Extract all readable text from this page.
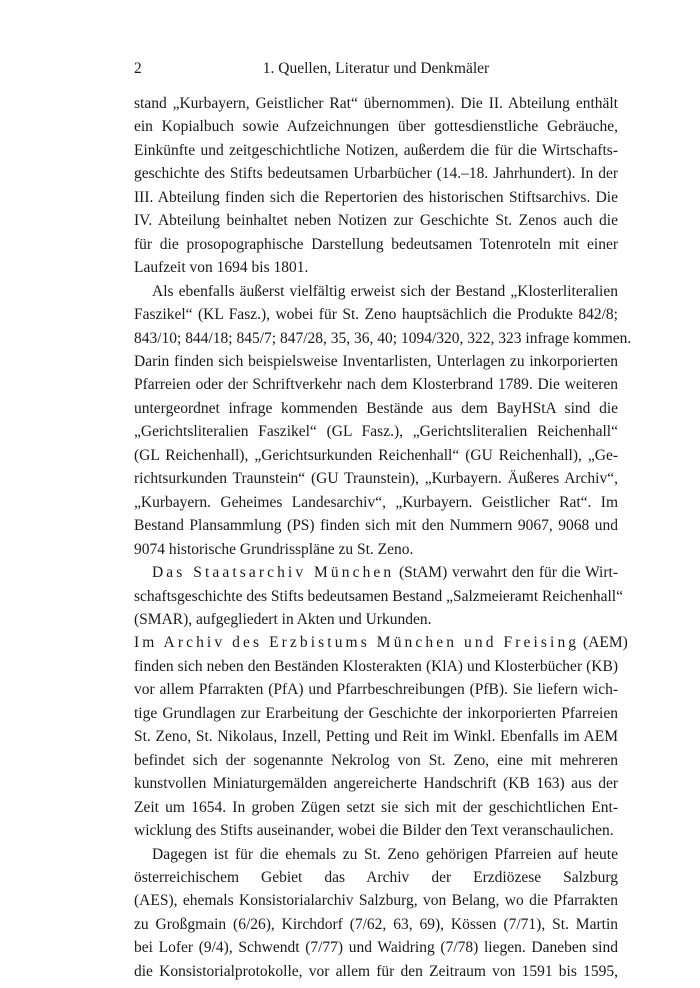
2	1. Quellen, Literatur und Denkmäler

stand „Kurbayern, Geistlicher Rat“ übernommen). Die II. Abteilung enthält
ein Kopialbuch sowie Aufzeichnungen über gottesdienstliche Gebräuche,
Einkünfte und zeitgeschichtliche Notizen, außerdem die für die Wirtschafts-
geschichte des Stifts bedeutsamen Urbarbücher (14.–18. Jahrhundert). In der
III. Abteilung finden sich die Repertorien des historischen Stiftsarchivs. Die
IV. Abteilung beinhaltet neben Notizen zur Geschichte St. Zenos auch die
für die prosopographische Darstellung bedeutsamen Totenroteln mit einer
Laufzeit von 1694 bis 1801.

Als ebenfalls äußerst vielfältig erweist sich der Bestand „Klosterliteralien
Faszikel“ (KL Fasz.), wobei für St. Zeno hauptsächlich die Produkte 842/8;
843/10; 844/18; 845/7; 847/28, 35, 36, 40; 1094/320, 322, 323 infrage kommen.
Darin finden sich beispielsweise Inventarlisten, Unterlagen zu inkorporierten
Pfarreien oder der Schriftverkehr nach dem Klosterbrand 1789. Die weiteren
untergeordnet infrage kommenden Bestände aus dem BayHStA sind die
„Gerichtsliteralien Faszikel“ (GL Fasz.), „Gerichtsliteralien Reichenhall“
(GL Reichenhall), „Gerichtsurkunden Reichenhall“ (GU Reichenhall), „Ge-
richtsurkunden Traunstein“ (GU Traunstein), „Kurbayern. Äußeres Archiv“,
„Kurbayern. Geheimes Landesarchiv“, „Kurbayern. Geistlicher Rat“. Im
Bestand Plansammlung (PS) finden sich mit den Nummern 9067, 9068 und
9074 historische Grundrisspläne zu St. Zeno.

Das Staatsarchiv München (StAM) verwahrt den für die Wirt-
schaftsgeschichte des Stifts bedeutsamen Bestand „Salzmeieramt Reichenhall“
(SMAR), aufgegliedert in Akten und Urkunden.

Im Archiv des Erzbistums München und Freising (AEM)
finden sich neben den Beständen Klosterakten (KlA) und Klosterbücher (KB)
vor allem Pfarrakten (PfA) und Pfarrbeschreibungen (PfB). Sie liefern wich-
tige Grundlagen zur Erarbeitung der Geschichte der inkorporierten Pfarreien
St. Zeno, St. Nikolaus, Inzell, Petting und Reit im Winkl. Ebenfalls im AEM
befindet sich der sogenannte Nekrolog von St. Zeno, eine mit mehreren
kunstvollen Miniaturgemälden angereicherte Handschrift (KB 163) aus der
Zeit um 1654. In groben Zügen setzt sie sich mit der geschichtlichen Ent-
wicklung des Stifts auseinander, wobei die Bilder den Text veranschaulichen.

Dagegen ist für die ehemals zu St. Zeno gehörigen Pfarreien auf heute
österreichischem Gebiet das Archiv der Erzdiözese Salzburg
(AES), ehemals Konsistorialarchiv Salzburg, von Belang, wo die Pfarrakten
zu Großgmain (6/26), Kirchdorf (7/62, 63, 69), Kössen (7/71), St. Martin
bei Lofer (9/4), Schwendt (7/77) und Waidring (7/78) liegen. Daneben sind
die Konsistorialprotokolle, vor allem für den Zeitraum von 1591 bis 1595,
